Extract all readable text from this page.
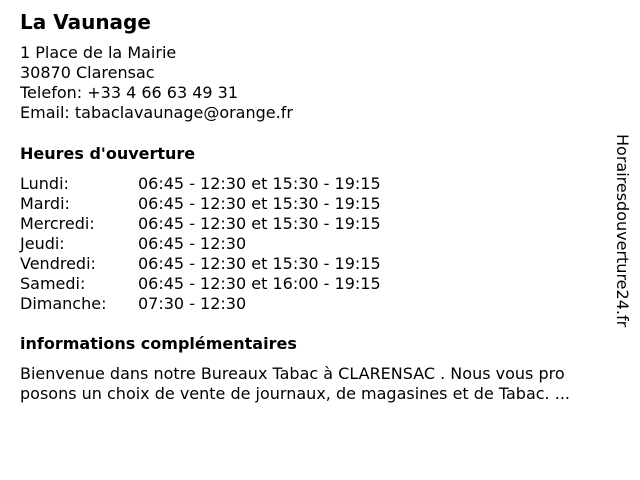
La Vaunage
1 Place de la Mairie
30870 Clarensac
Telefon: +33 4 66 63 49 31
Email: tabaclavaunage@orange.fr
Heures d'ouverture
Lundi:	06:45 - 12:30 et 15:30 - 19:15
Mardi:	06:45 - 12:30 et 15:30 - 19:15
Mercredi:	06:45 - 12:30 et 15:30 - 19:15
Jeudi:	06:45 - 12:30
Vendredi:	06:45 - 12:30 et 15:30 - 19:15
Samedi:	06:45 - 12:30 et 16:00 - 19:15
Dimanche:	07:30 - 12:30
informations complémentaires
Bienvenue dans notre Bureaux Tabac à CLARENSAC . Nous vous pro
posons un choix de vente de journaux, de magasines et de Tabac. ...
Horairesdouverture24.fr
